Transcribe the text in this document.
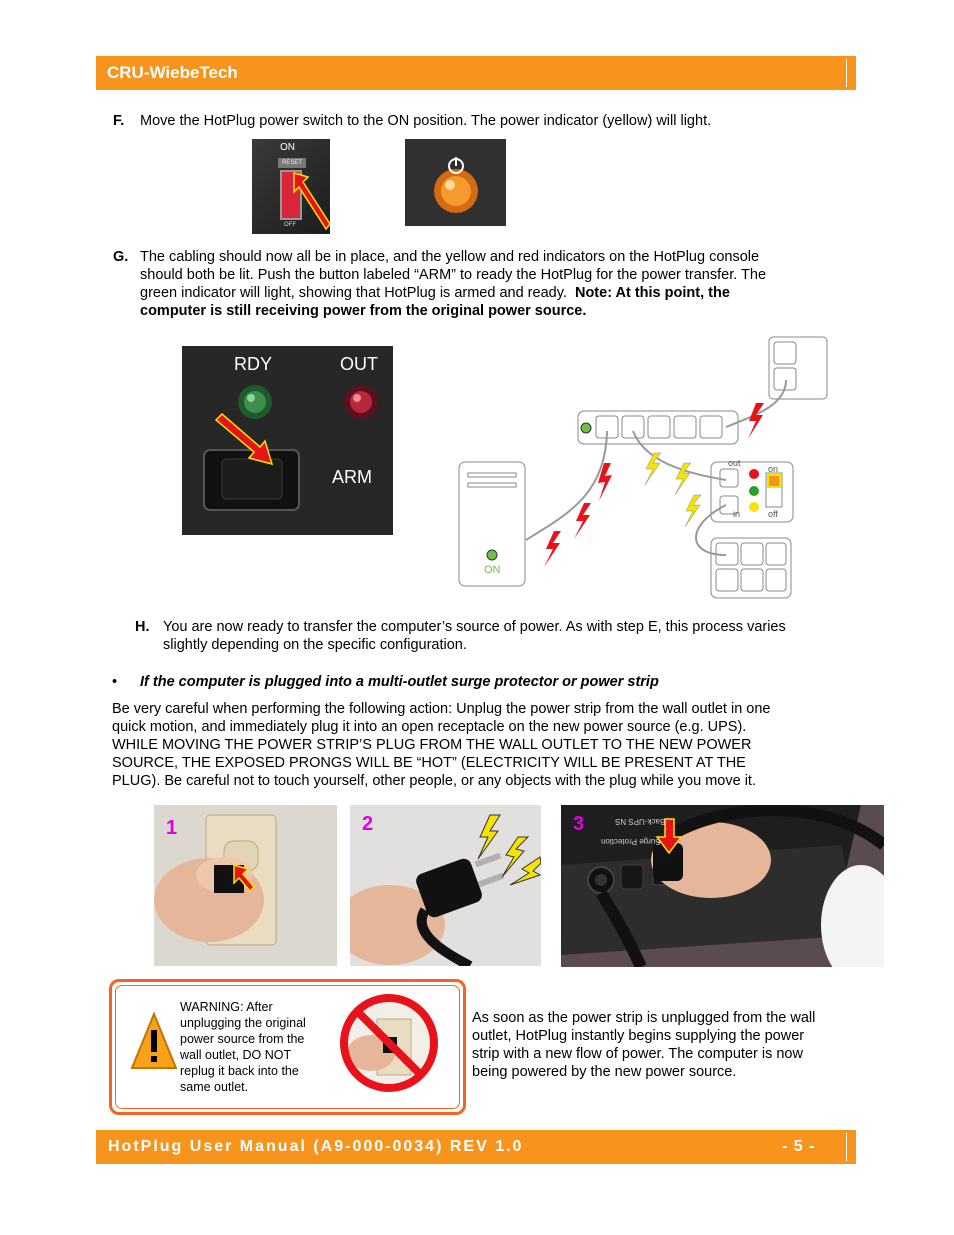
CRU-WiebeTech
F. Move the HotPlug power switch to the ON position. The power indicator (yellow) will light.
ON
RESET
OFF
G. The cabling should now all be in place, and the yellow and red indicators on the HotPlug console
should both be lit. Push the button labeled “ARM” to ready the HotPlug for the power transfer. The
green indicator will light, showing that HotPlug is armed and ready. Note: At this point, the
computer is still receiving power from the original power source.
RDY	OUT
ARM
ON
out
in
on
off
H. You are now ready to transfer the computer’s source of power. As with step E, this process varies
slightly depending on the specific configuration.
• If the computer is plugged into a multi-outlet surge protector or power strip
Be very careful when performing the following action: Unplug the power strip from the wall outlet in one
quick motion, and immediately plug it into an open receptacle on the new power source (e.g. UPS).
WHILE MOVING THE POWER STRIP’S PLUG FROM THE WALL OUTLET TO THE NEW POWER
SOURCE, THE EXPOSED PRONGS WILL BE “HOT” (ELECTRICITY WILL BE PRESENT AT THE
PLUG). Be careful not to touch yourself, other people, or any objects with the plug while you move it.
1	2	Back-UPS NS
Surge Protection
3
WARNING: After
unplugging the original
power source from the
wall outlet, DO NOT
replug it back into the
same outlet.
As soon as the power strip is unplugged from the wall
outlet, HotPlug instantly begins supplying the power
strip with a new flow of power. The computer is now
being powered by the new power source.
HotPlug User Manual (A9-000-0034) REV 1.0	- 5 -
